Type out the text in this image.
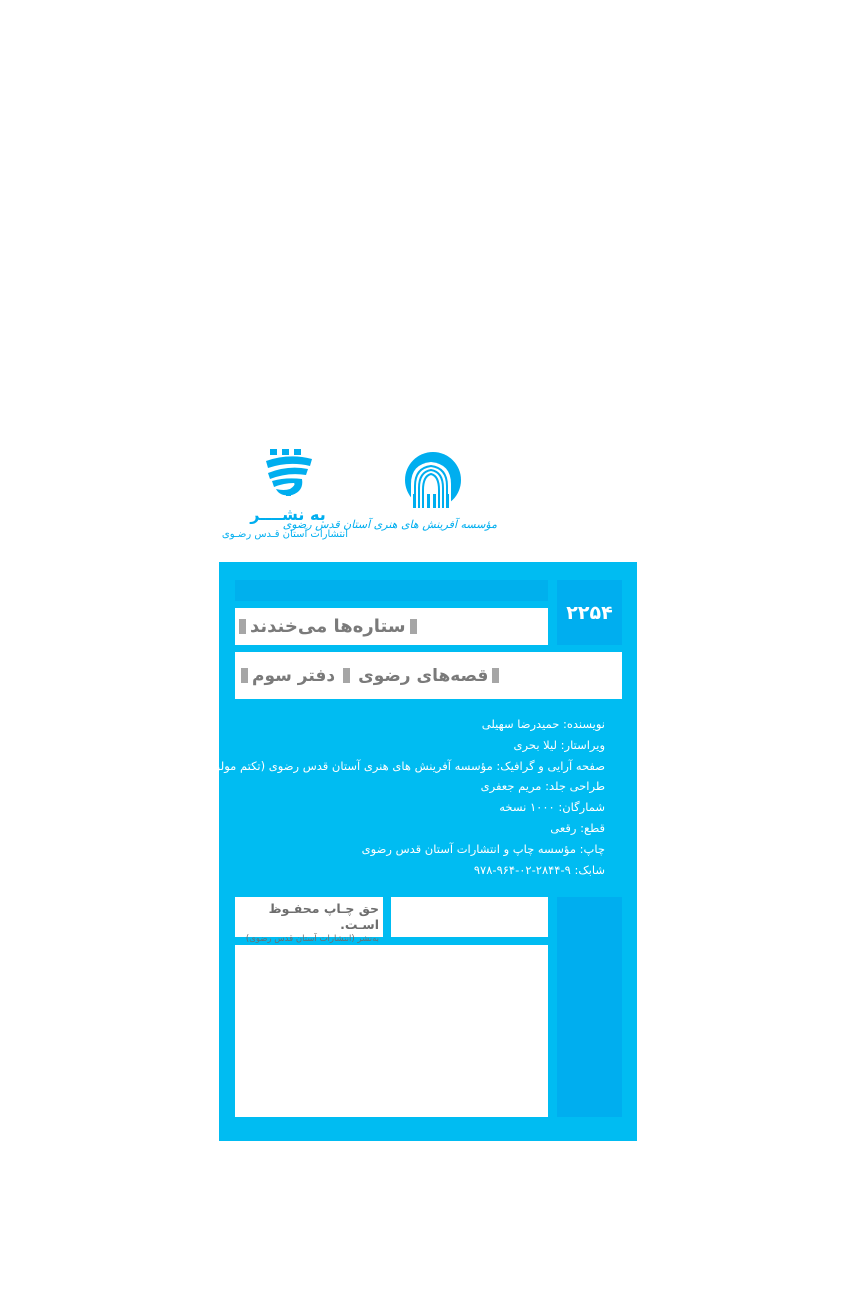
به نشــــر
انتشارات آستان قـدس رضـوی
مؤسسه آفرینش های هنری آستان قدس رضوی
۲۲۵۴
ستاره‌ها می‌خندند
قصه‌های رضوی
دفتر سوم
نویسنده: حمیدرضا سهیلی
ویراستار: لیلا بحری
صفحه آرایی و گرافیک: مؤسسه آفرینش های هنری آستان قدس رضوی (تکتم مولوی)
طراحی جلد: مریم جعفری
شمارگان: ۱۰۰۰ نسخه
قطع: رقعی
چاپ: مؤسسه چاپ و انتشارات آستان قدس رضوی
شابک: ۹-۲۸۴۴-۰۲-۹۶۴-۹۷۸
حق چـاپ محفـوظ اسـت.
به‌نشر (انتشارات آستان قدس رضوی)
